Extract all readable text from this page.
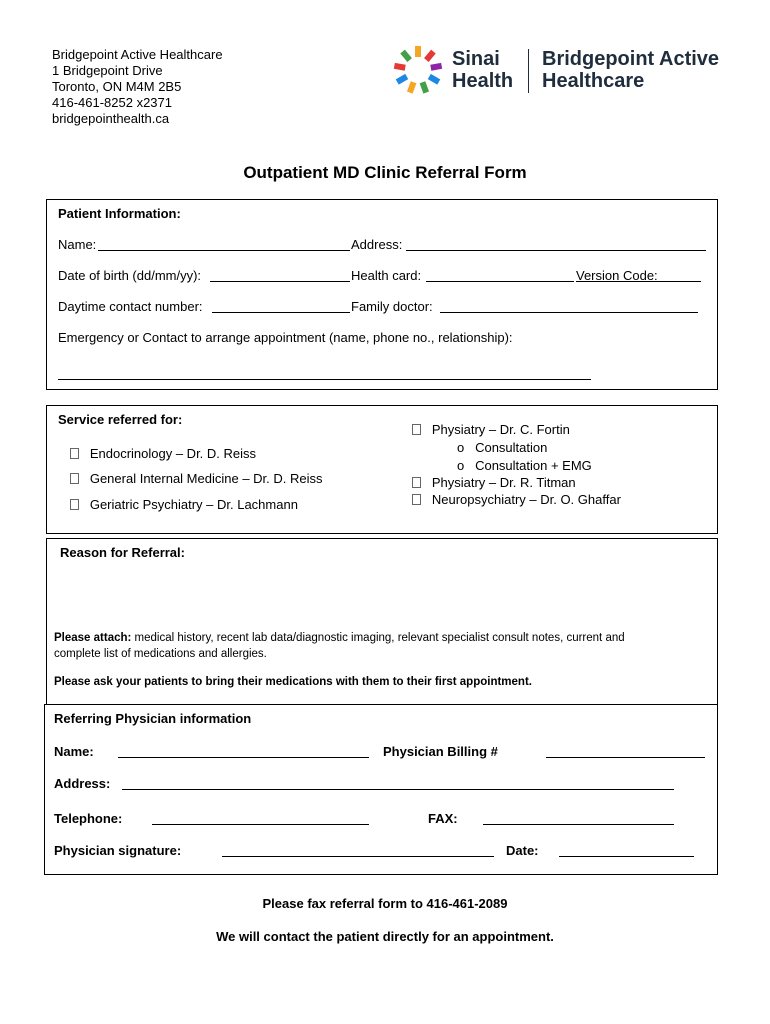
Bridgepoint Active Healthcare
1 Bridgepoint Drive
Toronto, ON M4M 2B5
416-461-8252 x2371
bridgepointhealth.ca
Sinai
Health
Bridgepoint Active
Healthcare
Outpatient MD Clinic Referral Form
Patient Information:
Name:	Address:
Date of birth (dd/mm/yy):	Health card:	Version Code:
Daytime contact number:	Family doctor:
Emergency or Contact to arrange appointment (name, phone no., relationship):
Service referred for:
Endocrinology – Dr. D. Reiss
General Internal Medicine – Dr. D. Reiss
Geriatric Psychiatry – Dr. Lachmann
Physiatry – Dr. C. Fortin
o Consultation
o Consultation + EMG
Physiatry – Dr. R. Titman
Neuropsychiatry – Dr. O. Ghaffar
Reason for Referral:
Please attach: medical history, recent lab data/diagnostic imaging, relevant specialist consult notes, current and
complete list of medications and allergies.
Please ask your patients to bring their medications with them to their first appointment.
Referring Physician information
Name:	Physician Billing #
Address:
Telephone:	FAX:
Physician signature:	Date:
Please fax referral form to 416-461-2089
We will contact the patient directly for an appointment.
